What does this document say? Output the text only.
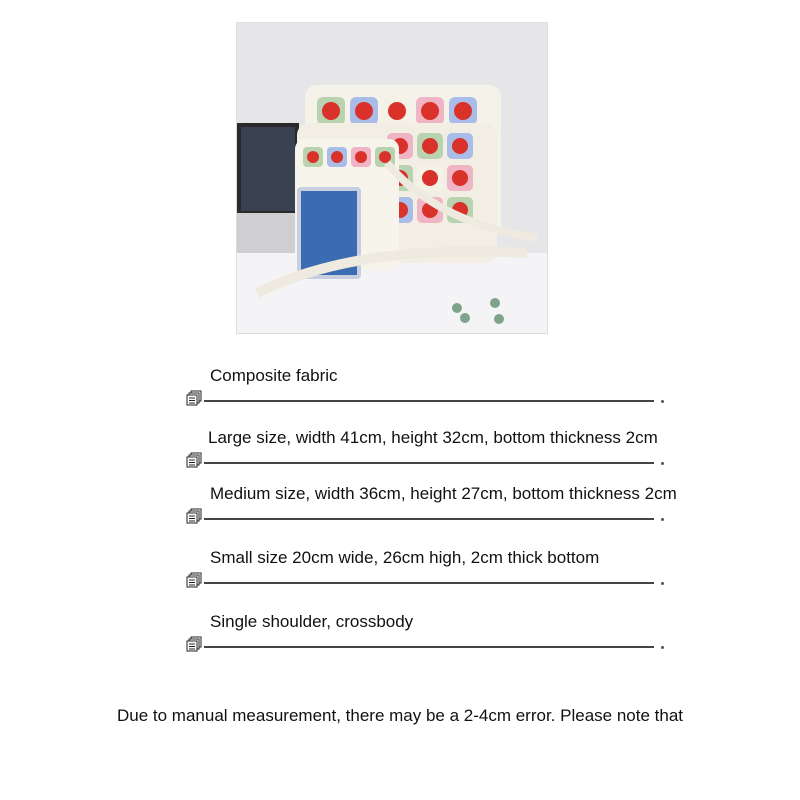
Composite fabric
Large size, width 41cm, height 32cm, bottom thickness 2cm
Medium size, width 36cm, height 27cm, bottom thickness 2cm
Small size 20cm wide, 26cm high, 2cm thick bottom
Single shoulder, crossbody
Due to manual measurement, there may be a 2-4cm error. Please note that
